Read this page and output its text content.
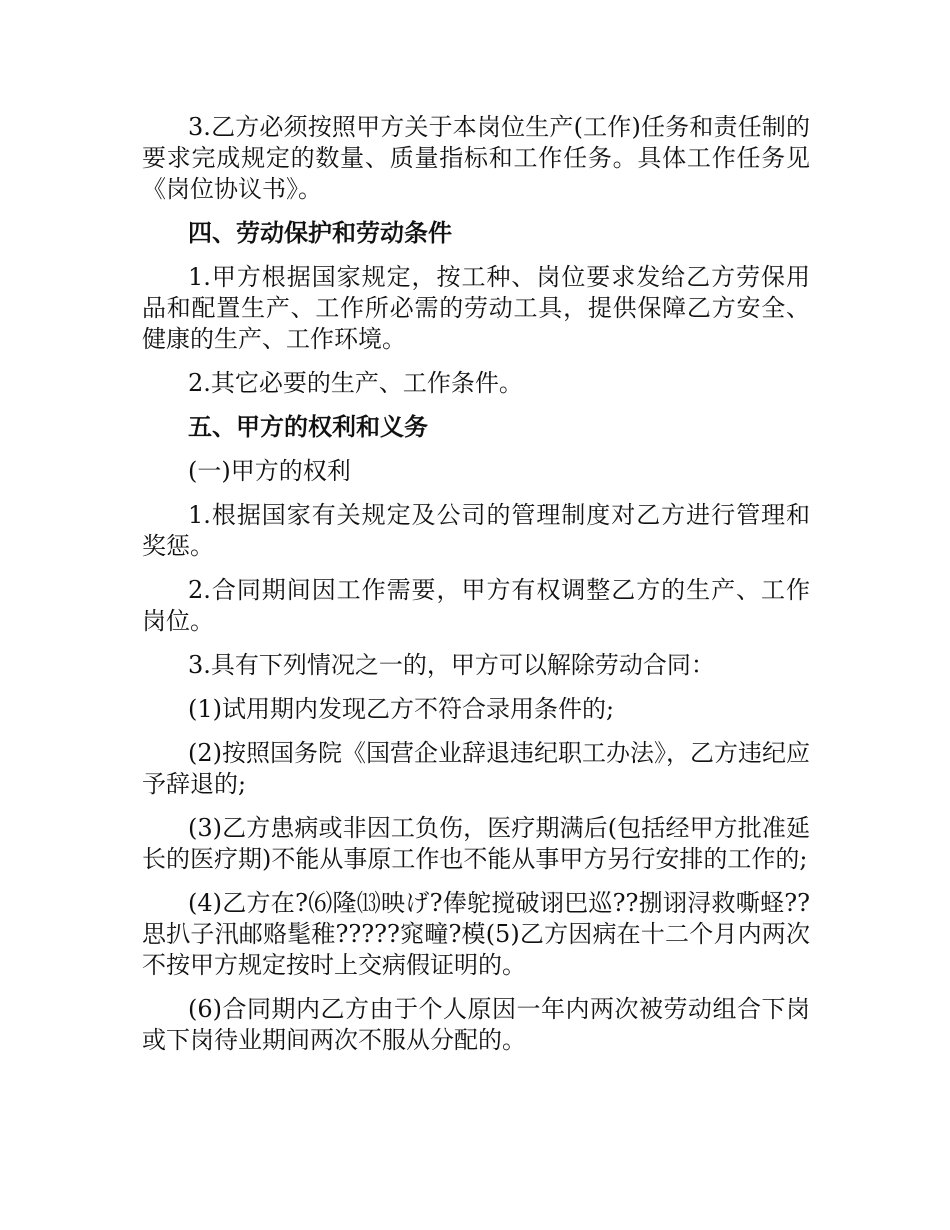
3.乙方必须按照甲方关于本岗位生产(工作)任务和责任制的要求完成规定的数量、质量指标和工作任务。具体工作任务见《岗位协议书》。

四、劳动保护和劳动条件

1.甲方根据国家规定，按工种、岗位要求发给乙方劳保用品和配置生产、工作所必需的劳动工具，提供保障乙方安全、健康的生产、工作环境。

2.其它必要的生产、工作条件。

五、甲方的权利和义务

(一)甲方的权利

1.根据国家有关规定及公司的管理制度对乙方进行管理和奖惩。

2.合同期间因工作需要，甲方有权调整乙方的生产、工作岗位。

3.具有下列情况之一的，甲方可以解除劳动合同：

(1)试用期内发现乙方不符合录用条件的;

(2)按照国务院《国营企业辞退违纪职工办法》，乙方违纪应予辞退的;

(3)乙方患病或非因工负伤，医疗期满后(包括经甲方批准延长的医疗期)不能从事原工作也不能从事甲方另行安排的工作的;

(4)乙方在?⑹隆⒀映げ?俸鸵搅破诩巴巡??捌诩浔救嘶蛏??思扒子汛邮赂髦稚?????窕疃?模(5)乙方因病在十二个月内两次不按甲方规定按时上交病假证明的。

(6)合同期内乙方由于个人原因一年内两次被劳动组合下岗或下岗待业期间两次不服从分配的。
